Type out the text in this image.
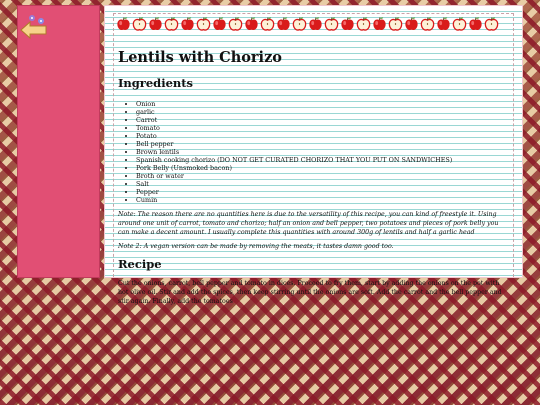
Lentils with Chorizo
Ingredients
• Onion
• garlic
• Carrot
• Tomato
• Potato
• Bell pepper
• Brown lentils
• Spanish cooking chorizo (DO NOT GET CURATED CHORIZO THAT YOU PUT ON SANDWICHES)
• Pork Belly (Unsmoked bacon)
• Broth or water
• Salt
• Pepper
• Cumin

Note: The reason there are no quantities here is due to the versatility of this recipe, you can kind of freestyle it. Using around one unit of carrot, tomato and chorizo; half an onion and bell pepper, two potatoes and pieces of pork belly you can make a decent amount. I usually complete this quantities with around 300g of lentils and half a garlic head

Note 2: A vegan version can be made by removing the meats, it tastes damn good too.

Recipe

Cut the onions, carrot, bell pepper and tomato in dices. Proceed to fry them, start by adding the onions on the pot with hot olive oil. Stir and add the spices, then keep stirring until the onions are soft. Add the carrot and the bell pepper and stir again. Finally, add the tomatoes
